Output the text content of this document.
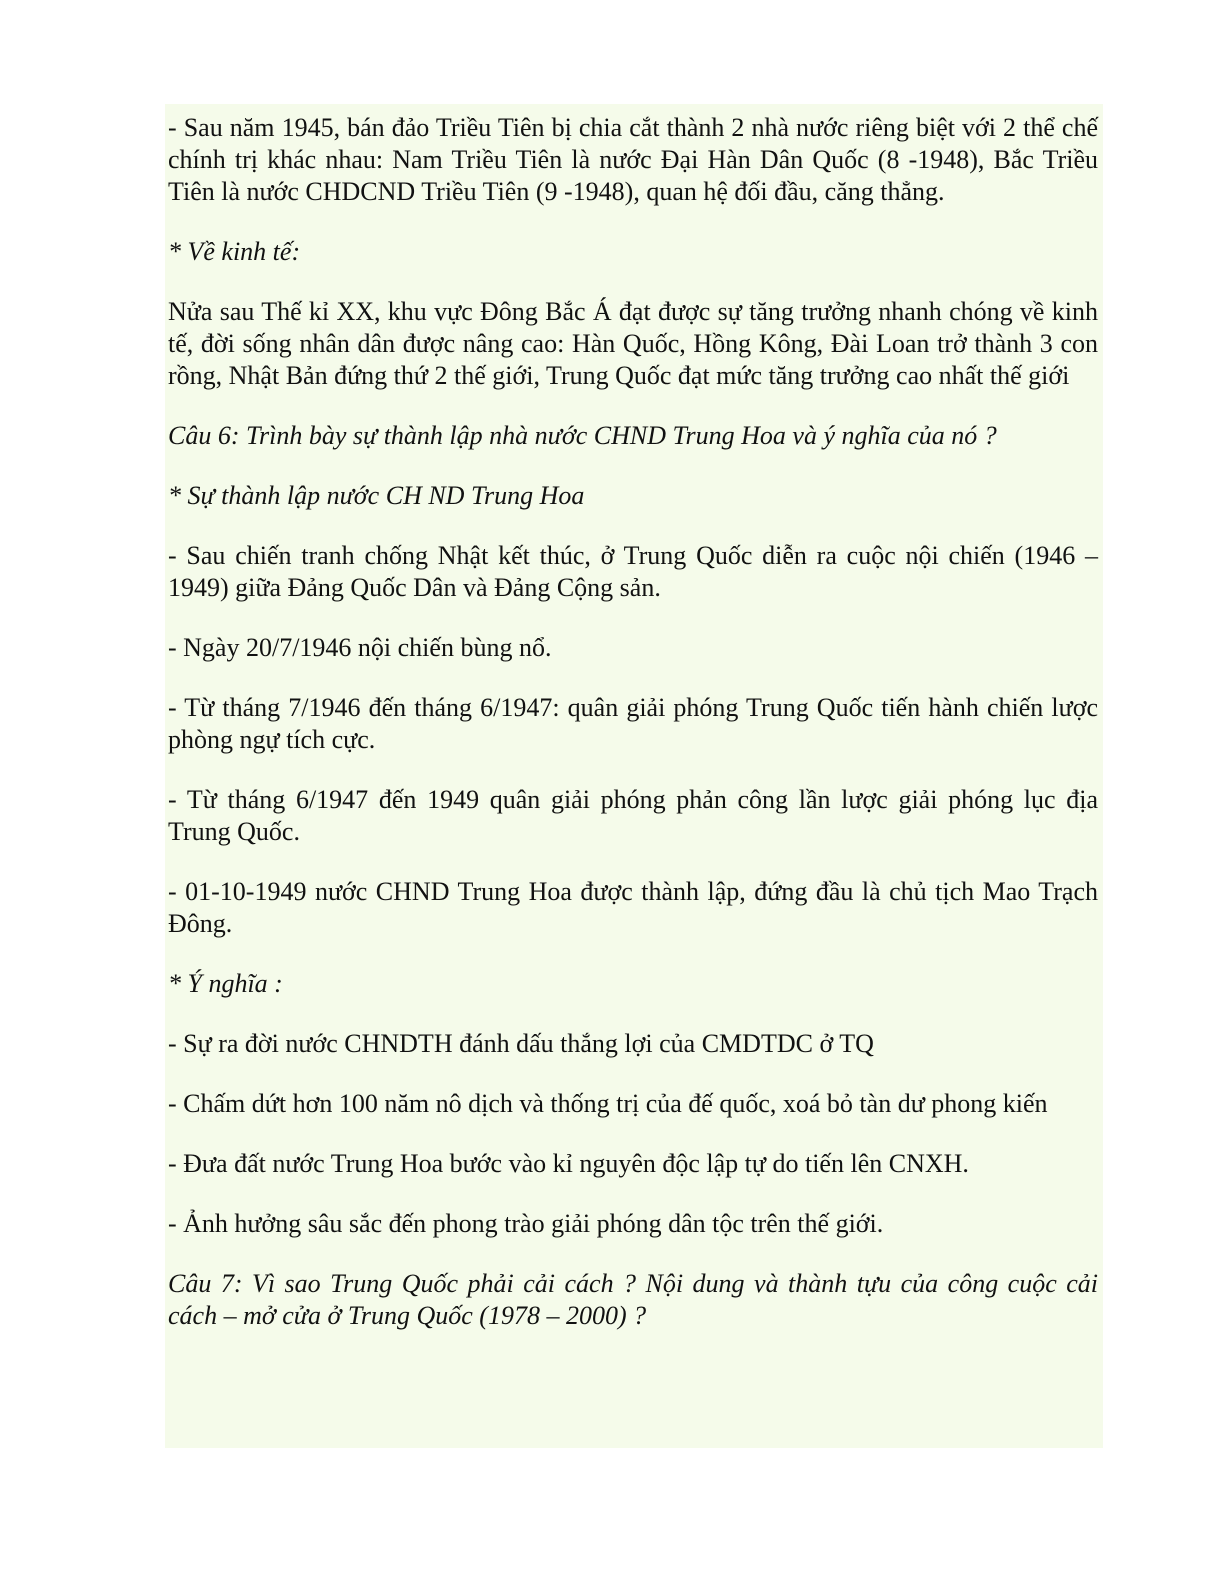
- Sau năm 1945, bán đảo Triều Tiên bị chia cắt thành 2 nhà nước riêng biệt với 2 thể chế chính trị khác nhau: Nam Triều Tiên là nước Đại Hàn Dân Quốc (8 -1948), Bắc Triều Tiên là nước CHDCND Triều Tiên (9 -1948), quan hệ đối đầu, căng thẳng.

* Về kinh tế:

Nửa sau Thế kỉ XX, khu vực Đông Bắc Á đạt được sự tăng trưởng nhanh chóng về kinh tế, đời sống nhân dân được nâng cao: Hàn Quốc, Hồng Kông, Đài Loan trở thành 3 con rồng, Nhật Bản đứng thứ 2 thế giới, Trung Quốc đạt mức tăng trưởng cao nhất thế giới

Câu 6: Trình bày sự thành lập nhà nước CHND Trung Hoa và ý nghĩa của nó ?

* Sự thành lập nước CH ND Trung Hoa

- Sau chiến tranh chống Nhật kết thúc, ở Trung Quốc diễn ra cuộc nội chiến (1946 – 1949) giữa Đảng Quốc Dân và Đảng Cộng sản.

- Ngày 20/7/1946 nội chiến bùng nổ.

- Từ tháng 7/1946 đến tháng 6/1947: quân giải phóng Trung Quốc tiến hành chiến lược phòng ngự tích cực.

- Từ tháng 6/1947 đến 1949 quân giải phóng phản công lần lược giải phóng lục địa Trung Quốc.

- 01-10-1949 nước CHND Trung Hoa được thành lập, đứng đầu là chủ tịch Mao Trạch Đông.

* Ý nghĩa :

- Sự ra đời nước CHNDTH đánh dấu thắng lợi của CMDTDC ở TQ

- Chấm dứt hơn 100 năm nô dịch và thống trị của đế quốc, xoá bỏ tàn dư phong kiến

- Đưa đất nước Trung Hoa bước vào kỉ nguyên độc lập tự do tiến lên CNXH.

- Ảnh hưởng sâu sắc đến phong trào giải phóng dân tộc trên thế giới.

Câu 7: Vì sao Trung Quốc phải cải cách ? Nội dung và thành tựu của công cuộc cải cách – mở cửa ở Trung Quốc (1978 – 2000) ?
